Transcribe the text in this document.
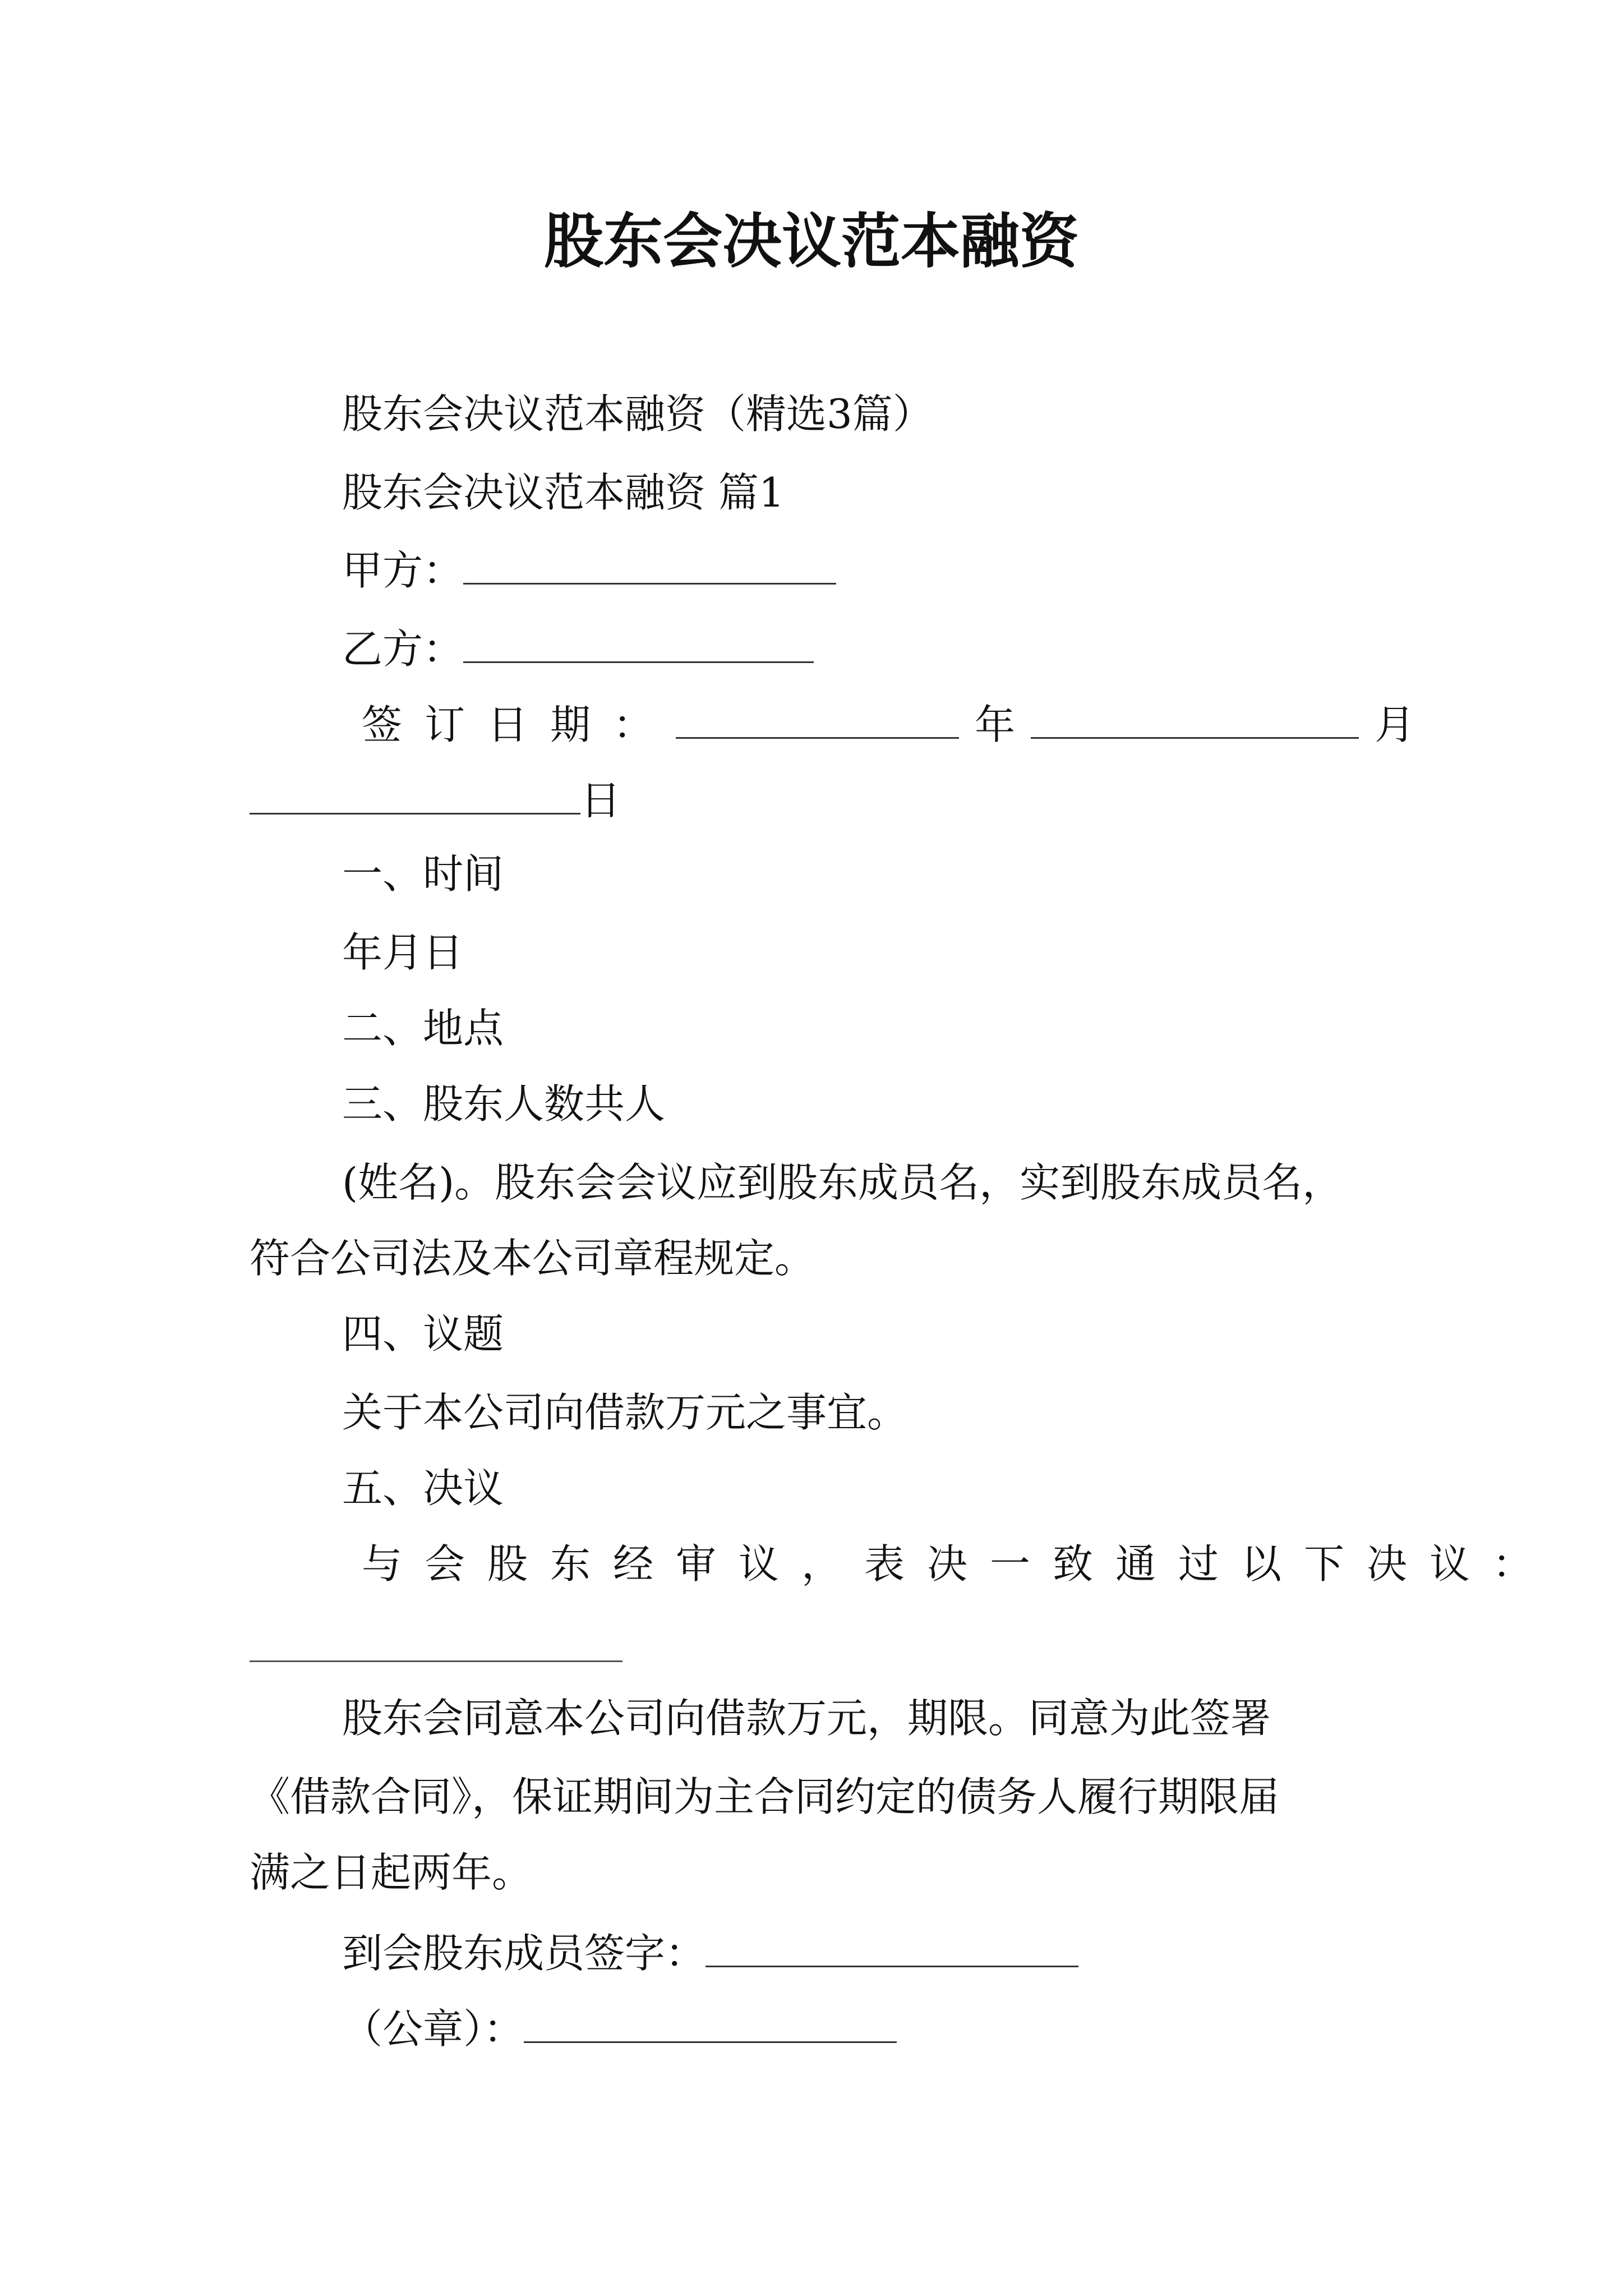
股东会决议范本融资
股东会决议范本融资（精选3篇）
股东会决议范本融资 篇1
甲方：
乙方：
签订日期：	年	月
日
一、时间
年月日
二、地点
三、股东人数共人
(姓名)。股东会会议应到股东成员名，实到股东成员名，
符合公司法及本公司章程规定。
四、议题
关于本公司向借款万元之事宜。
五、决议
与会股东经审议，表决一致通过以下决议：
股东会同意本公司向借款万元，期限。同意为此签署
《借款合同》，保证期间为主合同约定的债务人履行期限届
满之日起两年。
到会股东成员签字：
（公章）：
